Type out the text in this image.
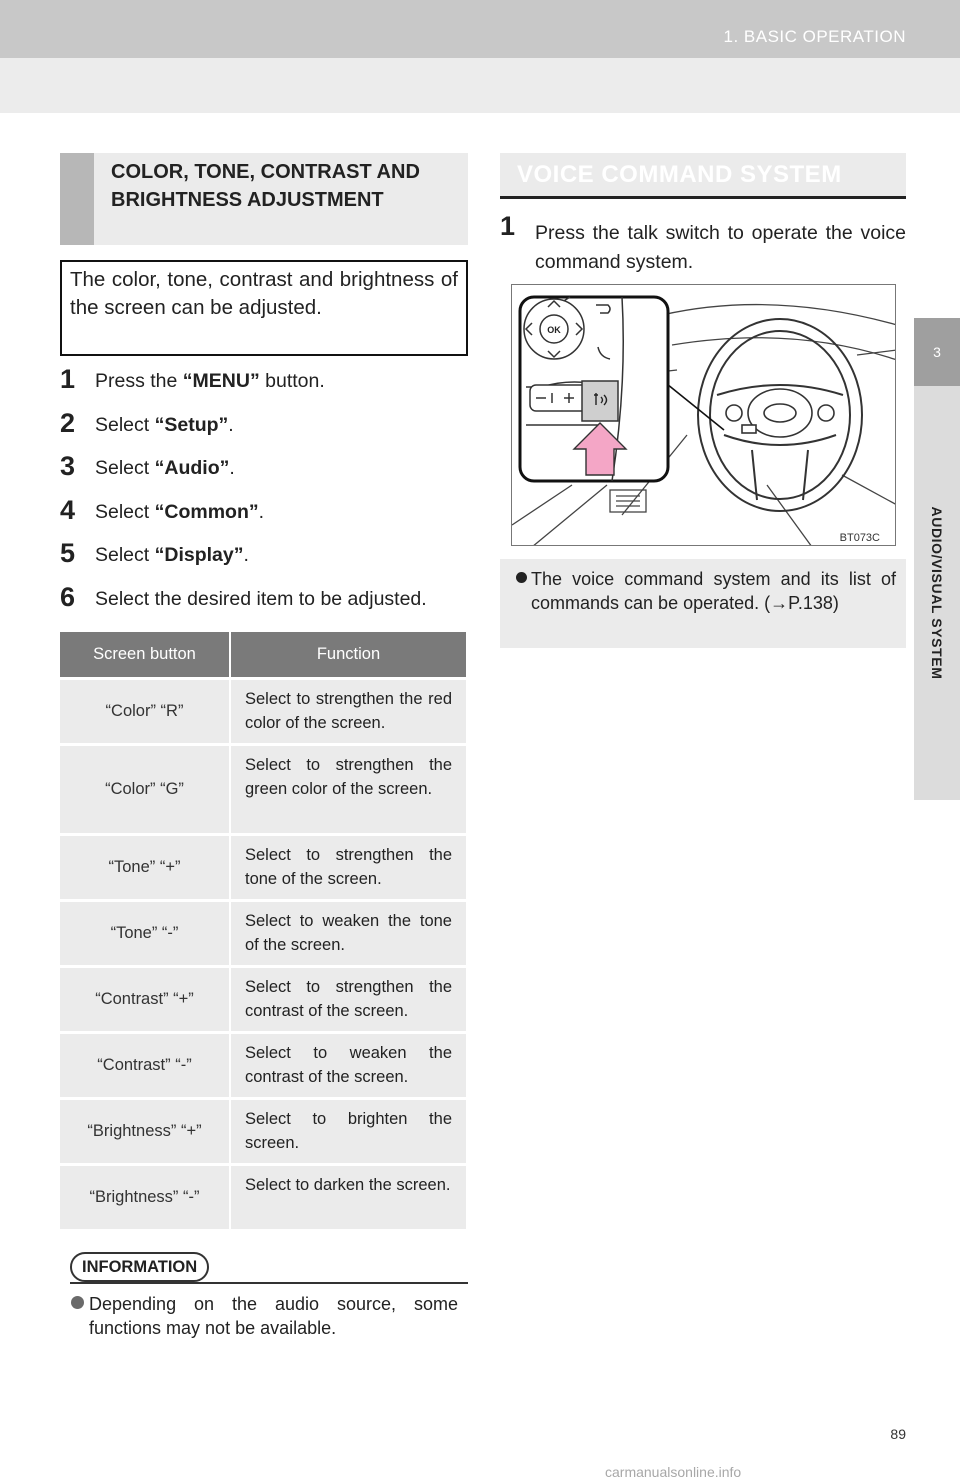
1. BASIC OPERATION
3
AUDIO/VISUAL SYSTEM
COLOR, TONE, CONTRAST AND BRIGHTNESS ADJUSTMENT
The color, tone, contrast and brightness of the screen can be adjusted.
1 Press the “MENU” button.
2 Select “Setup”.
3 Select “Audio”.
4 Select “Common”.
5 Select “Display”.
6 Select the desired item to be adjusted.
Screen button	Function
“Color” “R”	Select to strengthen the red color of the screen.
“Color” “G”	Select to strengthen the green color of the screen.
“Tone” “+”	Select to strengthen the tone of the screen.
“Tone” “-”	Select to weaken the tone of the screen.
“Contrast” “+”	Select to strengthen the contrast of the screen.
“Contrast” “-”	Select to weaken the contrast of the screen.
“Brightness” “+”	Select to brighten the screen.
“Brightness” “-”	Select to darken the screen.
INFORMATION
Depending on the audio source, some functions may not be available.
VOICE COMMAND SYSTEM
1 Press the talk switch to operate the voice command system.
OK
BT073C
The voice command system and its list of commands can be operated. (→P.138)
89
carmanualsonline.info
